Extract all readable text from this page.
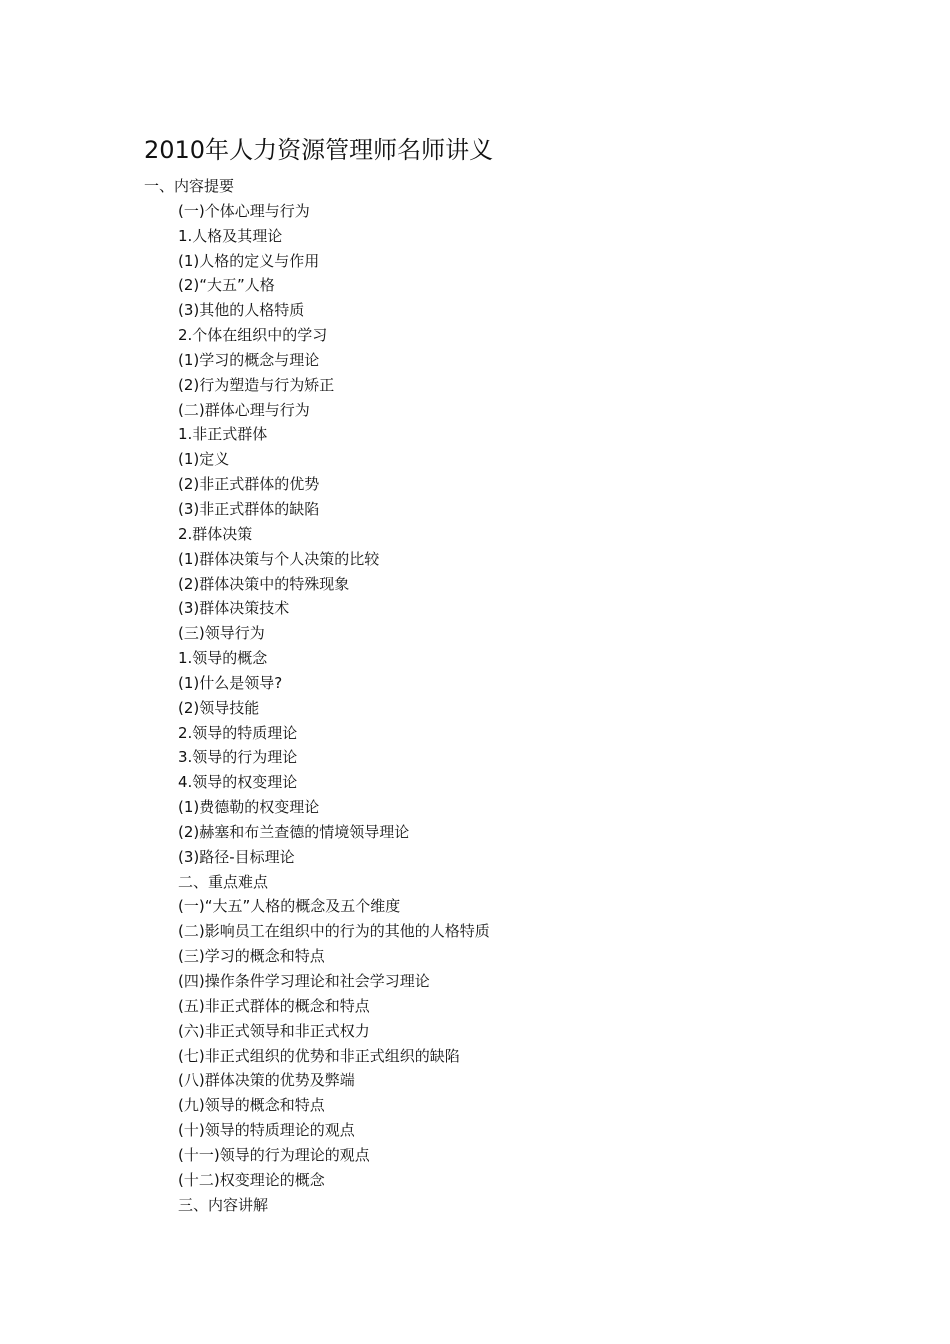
2010年人力资源管理师名师讲义
一、内容提要
(一)个体心理与行为
1.人格及其理论
(1)人格的定义与作用
(2)“大五”人格
(3)其他的人格特质
2.个体在组织中的学习
(1)学习的概念与理论
(2)行为塑造与行为矫正
(二)群体心理与行为
1.非正式群体
(1)定义
(2)非正式群体的优势
(3)非正式群体的缺陷
2.群体决策
(1)群体决策与个人决策的比较
(2)群体决策中的特殊现象
(3)群体决策技术
(三)领导行为
1.领导的概念
(1)什么是领导?
(2)领导技能
2.领导的特质理论
3.领导的行为理论
4.领导的权变理论
(1)费德勒的权变理论
(2)赫塞和布兰查德的情境领导理论
(3)路径-目标理论
二、重点难点
(一)“大五”人格的概念及五个维度
(二)影响员工在组织中的行为的其他的人格特质
(三)学习的概念和特点
(四)操作条件学习理论和社会学习理论
(五)非正式群体的概念和特点
(六)非正式领导和非正式权力
(七)非正式组织的优势和非正式组织的缺陷
(八)群体决策的优势及弊端
(九)领导的概念和特点
(十)领导的特质理论的观点
(十一)领导的行为理论的观点
(十二)权变理论的概念
三、内容讲解
